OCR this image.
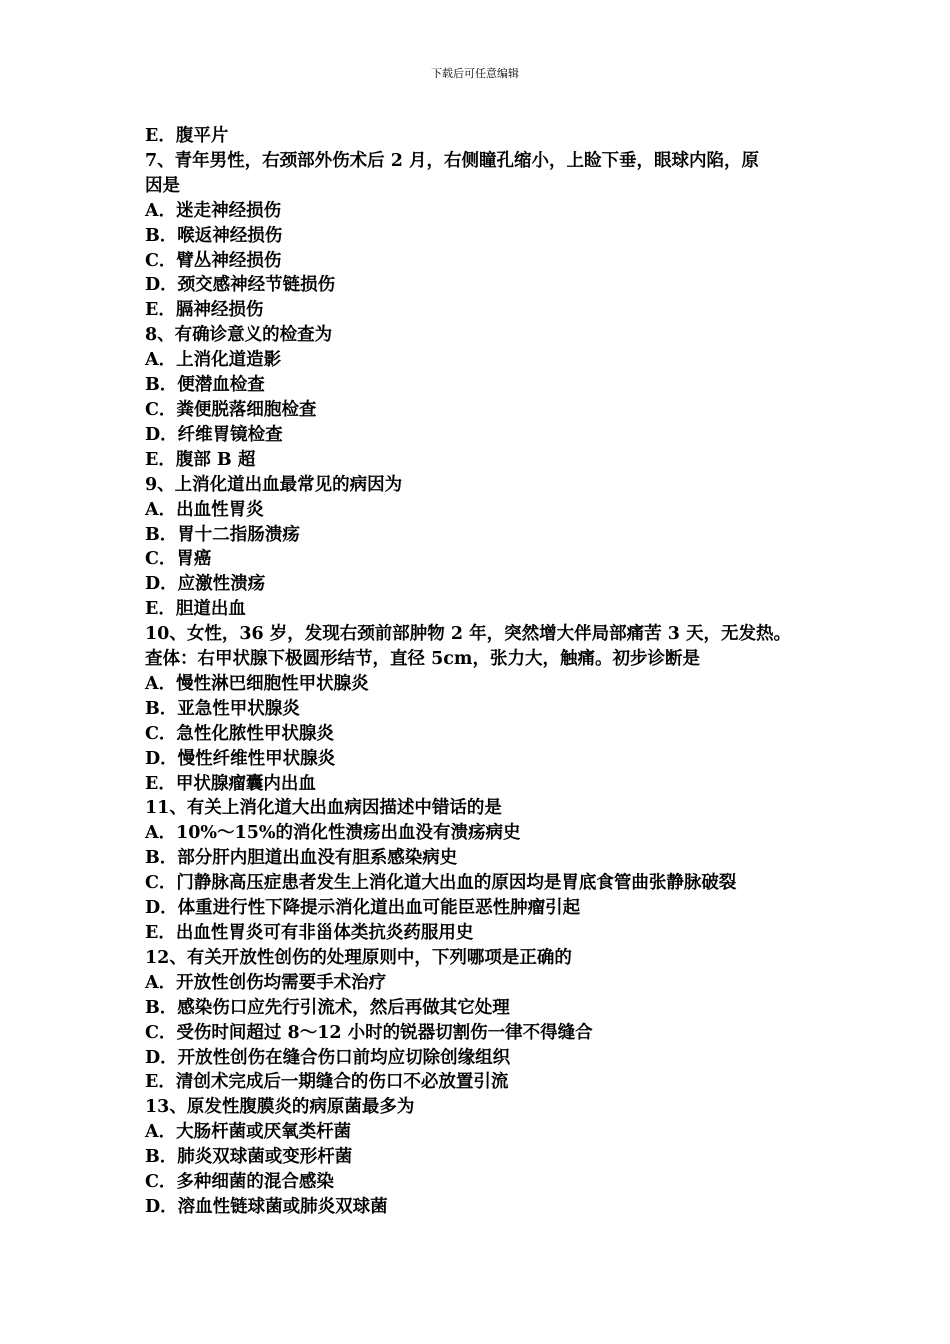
下载后可任意编辑
E．腹平片
7、青年男性，右颈部外伤术后 2 月，右侧瞳孔缩小，上睑下垂，眼球内陷，原
因是
A．迷走神经损伤
B．喉返神经损伤
C．臂丛神经损伤
D．颈交感神经节链损伤
E．膈神经损伤
8、有确诊意义的检查为
A．上消化道造影
B．便潜血检查
C．粪便脱落细胞检查
D．纤维胃镜检查
E．腹部 B 超
9、上消化道出血最常见的病因为
A．出血性胃炎
B．胃十二指肠溃疡
C．胃癌
D．应激性溃疡
E．胆道出血
10、女性，36 岁，发现右颈前部肿物 2 年，突然增大伴局部痛苦 3 天，无发热。
查体：右甲状腺下极圆形结节，直径 5cm，张力大，触痛。初步诊断是
A．慢性淋巴细胞性甲状腺炎
B．亚急性甲状腺炎
C．急性化脓性甲状腺炎
D．慢性纤维性甲状腺炎
E．甲状腺瘤囊内出血
11、有关上消化道大出血病因描述中错话的是
A．10%～15%的消化性溃疡出血没有溃疡病史
B．部分肝内胆道出血没有胆系感染病史
C．门静脉高压症患者发生上消化道大出血的原因均是胃底食管曲张静脉破裂
D．体重进行性下降提示消化道出血可能臣恶性肿瘤引起
E．出血性胃炎可有非甾体类抗炎药服用史
12、有关开放性创伤的处理原则中，下列哪项是正确的
A．开放性创伤均需要手术治疗
B．感染伤口应先行引流术，然后再做其它处理
C．受伤时间超过 8～12 小时的锐器切割伤一律不得缝合
D．开放性创伤在缝合伤口前均应切除创缘组织
E．清创术完成后一期缝合的伤口不必放置引流
13、原发性腹膜炎的病原菌最多为
A．大肠杆菌或厌氧类杆菌
B．肺炎双球菌或变形杆菌
C．多种细菌的混合感染
D．溶血性链球菌或肺炎双球菌
